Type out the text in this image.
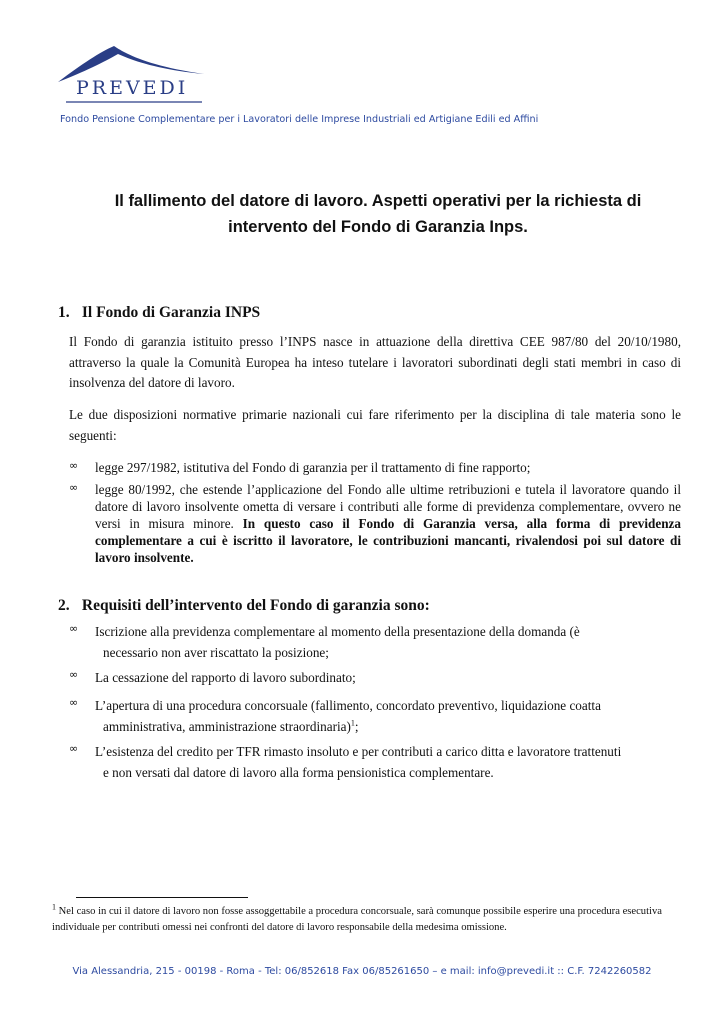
PREVEDI
Fondo Pensione Complementare per i Lavoratori delle Imprese Industriali ed Artigiane Edili ed Affini
Il fallimento del datore di lavoro. Aspetti operativi per la richiesta di
intervento del Fondo di Garanzia Inps.
1. Il Fondo di Garanzia INPS
Il Fondo di garanzia istituito presso l’INPS nasce in attuazione della direttiva CEE 987/80 del 20/10/1980, attraverso la quale la Comunità Europea ha inteso tutelare i lavoratori subordinati degli stati membri in caso di insolvenza del datore di lavoro.
Le due disposizioni normative primarie nazionali cui fare riferimento per la disciplina di tale materia sono le seguenti:
∞	legge 297/1982, istitutiva del Fondo di garanzia per il trattamento di fine rapporto;
∞	legge 80/1992, che estende l’applicazione del Fondo alle ultime retribuzioni e tutela il lavoratore quando il datore di lavoro insolvente ometta di versare i contributi alle forme di previdenza complementare, ovvero ne versi in misura minore. In questo caso il Fondo di Garanzia versa, alla forma di previdenza complementare a cui è iscritto il lavoratore, le contribuzioni mancanti, rivalendosi poi sul datore di lavoro insolvente.
2. Requisiti dell’intervento del Fondo di garanzia sono:
∞	Iscrizione alla previdenza complementare al momento della presentazione della domanda (è
necessario non aver riscattato la posizione;
∞	La cessazione del rapporto di lavoro subordinato;
∞	L’apertura di una procedura concorsuale (fallimento, concordato preventivo, liquidazione coatta
amministrativa, amministrazione straordinaria)$^1$;
∞	L’esistenza del credito per TFR rimasto insoluto e per contributi a carico ditta e lavoratore trattenuti
e non versati dal datore di lavoro alla forma pensionistica complementare.
$^1$ Nel caso in cui il datore di lavoro non fosse assoggettabile a procedura concorsuale, sarà comunque possibile esperire una procedura esecutiva individuale per contributi omessi nei confronti del datore di lavoro responsabile della medesima omissione.
Via Alessandria, 215 - 00198 - Roma - Tel: 06/852618 Fax 06/85261650 – e mail: info@prevedi.it :: C.F. 7242260582
